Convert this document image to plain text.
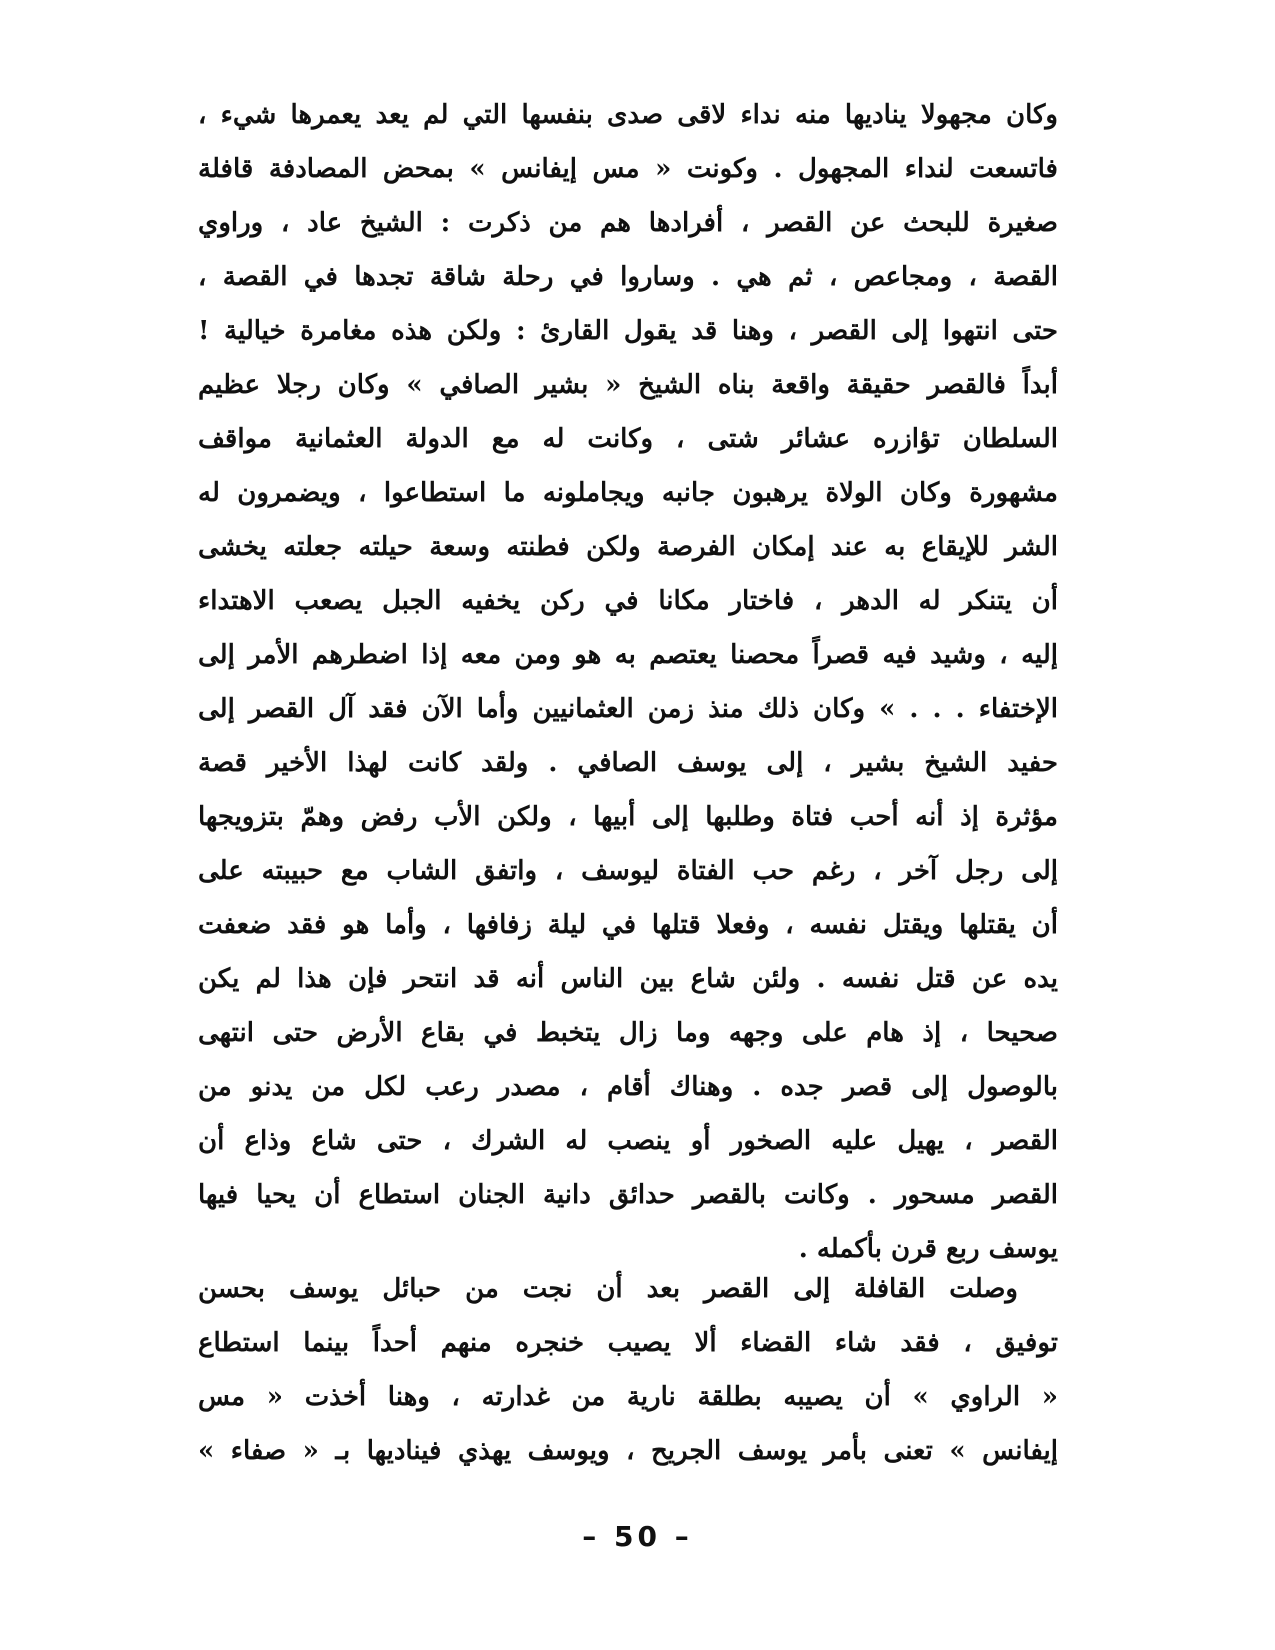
وكان مجهولا يناديها منه نداء لاقى صدى بنفسها التي لم يعد يعمرها شيء ،
فاتسعت لنداء المجهول . وكونت « مس إيفانس » بمحض المصادفة قافلة
صغيرة للبحث عن القصر ، أفرادها هم من ذكرت : الشيخ عاد ، وراوي
القصة ، ومجاعص ، ثم هي . وساروا في رحلة شاقة تجدها في القصة ،
حتى انتهوا إلى القصر ، وهنا قد يقول القارئ : ولكن هذه مغامرة خيالية !
أبداً فالقصر حقيقة واقعة بناه الشيخ « بشير الصافي » وكان رجلا عظيم
السلطان تؤازره عشائر شتى ، وكانت له مع الدولة العثمانية مواقف
مشهورة وكان الولاة يرهبون جانبه ويجاملونه ما استطاعوا ، ويضمرون له
الشر للإيقاع به عند إمكان الفرصة ولكن فطنته وسعة حيلته جعلته يخشى
أن يتنكر له الدهر ، فاختار مكانا في ركن يخفيه الجبل يصعب الاهتداء
إليه ، وشيد فيه قصراً محصنا يعتصم به هو ومن معه إذا اضطرهم الأمر إلى
الإختفاء . . . » وكان ذلك منذ زمن العثمانيين وأما الآن فقد آل القصر إلى
حفيد الشيخ بشير ، إلى يوسف الصافي . ولقد كانت لهذا الأخير قصة
مؤثرة إذ أنه أحب فتاة وطلبها إلى أبيها ، ولكن الأب رفض وهمّ بتزويجها
إلى رجل آخر ، رغم حب الفتاة ليوسف ، واتفق الشاب مع حبيبته على
أن يقتلها ويقتل نفسه ، وفعلا قتلها في ليلة زفافها ، وأما هو فقد ضعفت
يده عن قتل نفسه . ولئن شاع بين الناس أنه قد انتحر فإن هذا لم يكن
صحيحا ، إذ هام على وجهه وما زال يتخبط في بقاع الأرض حتى انتهى
بالوصول إلى قصر جده . وهناك أقام ، مصدر رعب لكل من يدنو من
القصر ، يهيل عليه الصخور أو ينصب له الشرك ، حتى شاع وذاع أن
القصر مسحور . وكانت بالقصر حدائق دانية الجنان استطاع أن يحيا فيها
يوسف ربع قرن بأكمله .
وصلت القافلة إلى القصر بعد أن نجت من حبائل يوسف بحسن
توفيق ، فقد شاء القضاء ألا يصيب خنجره منهم أحداً بينما استطاع
« الراوي » أن يصيبه بطلقة نارية من غدارته ، وهنا أخذت « مس
إيفانس » تعنى بأمر يوسف الجريح ، ويوسف يهذي فيناديها بـ « صفاء »
– 50 –
